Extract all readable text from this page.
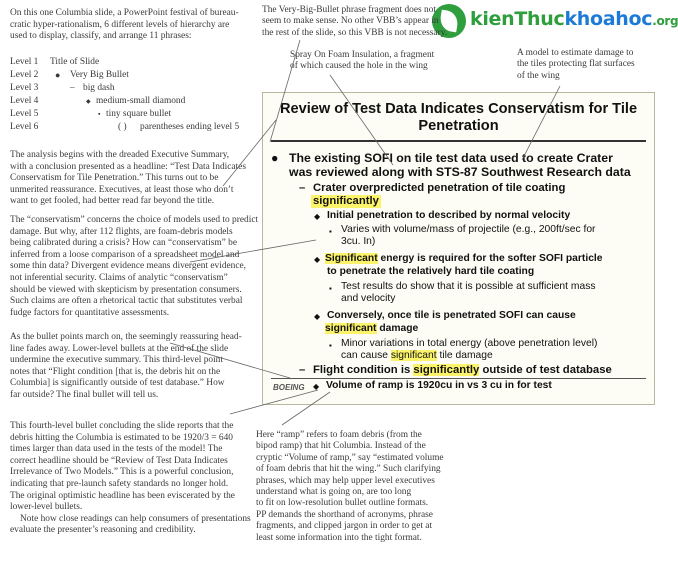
kienThuckhoahoc.org

On this one Columbia slide, a PowerPoint festival of bureau-

cratic hyper-rationalism, 6 different levels of hierarchy are

used to display, classify, and arrange 11 phrases:

Level 1 Title of Slide
Level 2 ● Very Big Bullet
Level 3	– big dash
Level 4	◆ medium-small diamond
Level 5	▪ tiny square bullet
Level 6	( ) parentheses ending level 5

The analysis begins with the dreaded Executive Summary,

with a conclusion presented as a headline: “Test Data Indicates

Conservatism for Tile Penetration.” This turns out to be

unmerited reassurance. Executives, at least those who don’t

want to get fooled, had better read far beyond the title.

The “conservatism” concerns the choice of models used to predict

damage. But why, after 112 flights, are foam-debris models

being calibrated during a crisis? How can “conservatism” be

inferred from a loose comparison of a spreadsheet model and

some thin data? Divergent evidence means divergent evidence,

not inferential security. Claims of analytic “conservatism”

should be viewed with skepticism by presentation consumers.

Such claims are often a rhetorical tactic that substitutes verbal

fudge factors for quantitative assessments.

As the bullet points march on, the seemingly reassuring head-

line fades away. Lower-level bullets at the end of the slide

undermine the executive summary. This third-level point

notes that “Flight condition [that is, the debris hit on the

Columbia] is significantly outside of test database.” How

far outside? The final bullet will tell us.

This fourth-level bullet concluding the slide reports that the

debris hitting the Columbia is estimated to be 1920/3 = 640

times larger than data used in the tests of the model! The

correct headline should be “Review of Test Data Indicates

Irrelevance of Two Models.” This is a powerful conclusion,

indicating that pre-launch safety standards no longer hold.

The original optimistic headline has been eviscerated by the

lower-level bullets.

Note how close readings can help consumers of presentations

evaluate the presenter’s reasoning and credibility.

The Very-Big-Bullet phrase fragment does not
seem to make sense. No other VBB’s appear in
the rest of the slide, so this VBB is not necessary.
Spray On Foam Insulation, a fragment
of which caused the hole in the wing
A model to estimate damage to
the tiles protecting flat surfaces
of the wing
Review of Test Data Indicates Conservatism for Tile
Penetration
● The existing SOFI on tile test data used to create Crater
was reviewed along with STS-87 Southwest Research data
– Crater overpredicted penetration of tile coating
significantly
◆ Initial penetration to described by normal velocity
▪ Varies with volume/mass of projectile (e.g., 200ft/sec for
3cu. In)
◆ Significant energy is required for the softer SOFI particle
to penetrate the relatively hard tile coating
▪ Test results do show that it is possible at sufficient mass
and velocity
◆ Conversely, once tile is penetrated SOFI can cause
significant damage
▪ Minor variations in total energy (above penetration level)
can cause significant tile damage
– Flight condition is significantly outside of test database
BOEING ◆ Volume of ramp is 1920cu in vs 3 cu in for test
Here “ramp” refers to foam debris (from the
bipod ramp) that hit Columbia. Instead of the
cryptic “Volume of ramp,” say “estimated volume
of foam debris that hit the wing.” Such clarifying
phrases, which may help upper level executives
understand what is going on, are too long
to fit on low-resolution bullet outline formats.
PP demands the shorthand of acronyms, phrase
fragments, and clipped jargon in order to get at
least some information into the tight format.
